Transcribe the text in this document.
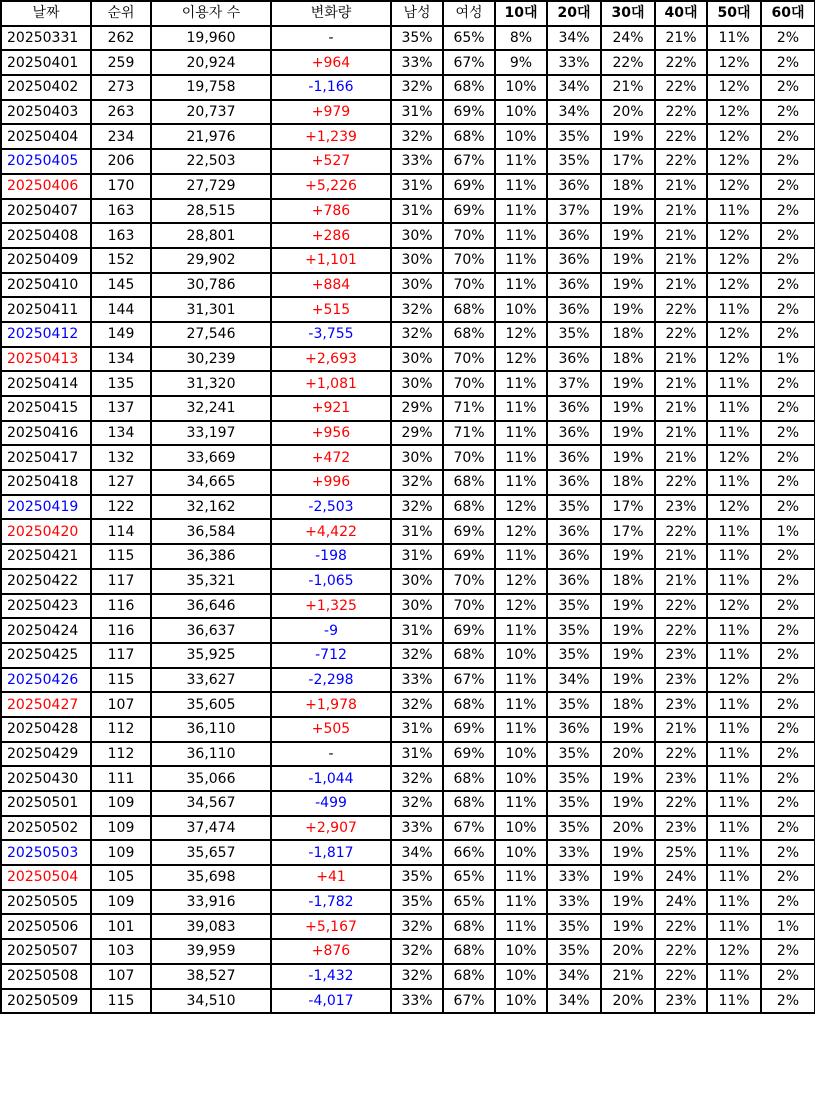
날짜	순위	이용자 수	변화량	남성	여성	10대	20대	30대	40대	50대	60대
20250331	262	19,960	-	35%	65%	8%	34%	24%	21%	11%	2%
20250401	259	20,924	+964	33%	67%	9%	33%	22%	22%	12%	2%
20250402	273	19,758	-1,166	32%	68%	10%	34%	21%	22%	12%	2%
20250403	263	20,737	+979	31%	69%	10%	34%	20%	22%	12%	2%
20250404	234	21,976	+1,239	32%	68%	10%	35%	19%	22%	12%	2%
20250405	206	22,503	+527	33%	67%	11%	35%	17%	22%	12%	2%
20250406	170	27,729	+5,226	31%	69%	11%	36%	18%	21%	12%	2%
20250407	163	28,515	+786	31%	69%	11%	37%	19%	21%	11%	2%
20250408	163	28,801	+286	30%	70%	11%	36%	19%	21%	12%	2%
20250409	152	29,902	+1,101	30%	70%	11%	36%	19%	21%	12%	2%
20250410	145	30,786	+884	30%	70%	11%	36%	19%	21%	12%	2%
20250411	144	31,301	+515	32%	68%	10%	36%	19%	22%	11%	2%
20250412	149	27,546	-3,755	32%	68%	12%	35%	18%	22%	12%	2%
20250413	134	30,239	+2,693	30%	70%	12%	36%	18%	21%	12%	1%
20250414	135	31,320	+1,081	30%	70%	11%	37%	19%	21%	11%	2%
20250415	137	32,241	+921	29%	71%	11%	36%	19%	21%	11%	2%
20250416	134	33,197	+956	29%	71%	11%	36%	19%	21%	11%	2%
20250417	132	33,669	+472	30%	70%	11%	36%	19%	21%	12%	2%
20250418	127	34,665	+996	32%	68%	11%	36%	18%	22%	11%	2%
20250419	122	32,162	-2,503	32%	68%	12%	35%	17%	23%	12%	2%
20250420	114	36,584	+4,422	31%	69%	12%	36%	17%	22%	11%	1%
20250421	115	36,386	-198	31%	69%	11%	36%	19%	21%	11%	2%
20250422	117	35,321	-1,065	30%	70%	12%	36%	18%	21%	11%	2%
20250423	116	36,646	+1,325	30%	70%	12%	35%	19%	22%	12%	2%
20250424	116	36,637	-9	31%	69%	11%	35%	19%	22%	11%	2%
20250425	117	35,925	-712	32%	68%	10%	35%	19%	23%	11%	2%
20250426	115	33,627	-2,298	33%	67%	11%	34%	19%	23%	12%	2%
20250427	107	35,605	+1,978	32%	68%	11%	35%	18%	23%	11%	2%
20250428	112	36,110	+505	31%	69%	11%	36%	19%	21%	11%	2%
20250429	112	36,110	-	31%	69%	10%	35%	20%	22%	11%	2%
20250430	111	35,066	-1,044	32%	68%	10%	35%	19%	23%	11%	2%
20250501	109	34,567	-499	32%	68%	11%	35%	19%	22%	11%	2%
20250502	109	37,474	+2,907	33%	67%	10%	35%	20%	23%	11%	2%
20250503	109	35,657	-1,817	34%	66%	10%	33%	19%	25%	11%	2%
20250504	105	35,698	+41	35%	65%	11%	33%	19%	24%	11%	2%
20250505	109	33,916	-1,782	35%	65%	11%	33%	19%	24%	11%	2%
20250506	101	39,083	+5,167	32%	68%	11%	35%	19%	22%	11%	1%
20250507	103	39,959	+876	32%	68%	10%	35%	20%	22%	12%	2%
20250508	107	38,527	-1,432	32%	68%	10%	34%	21%	22%	11%	2%
20250509	115	34,510	-4,017	33%	67%	10%	34%	20%	23%	11%	2%
